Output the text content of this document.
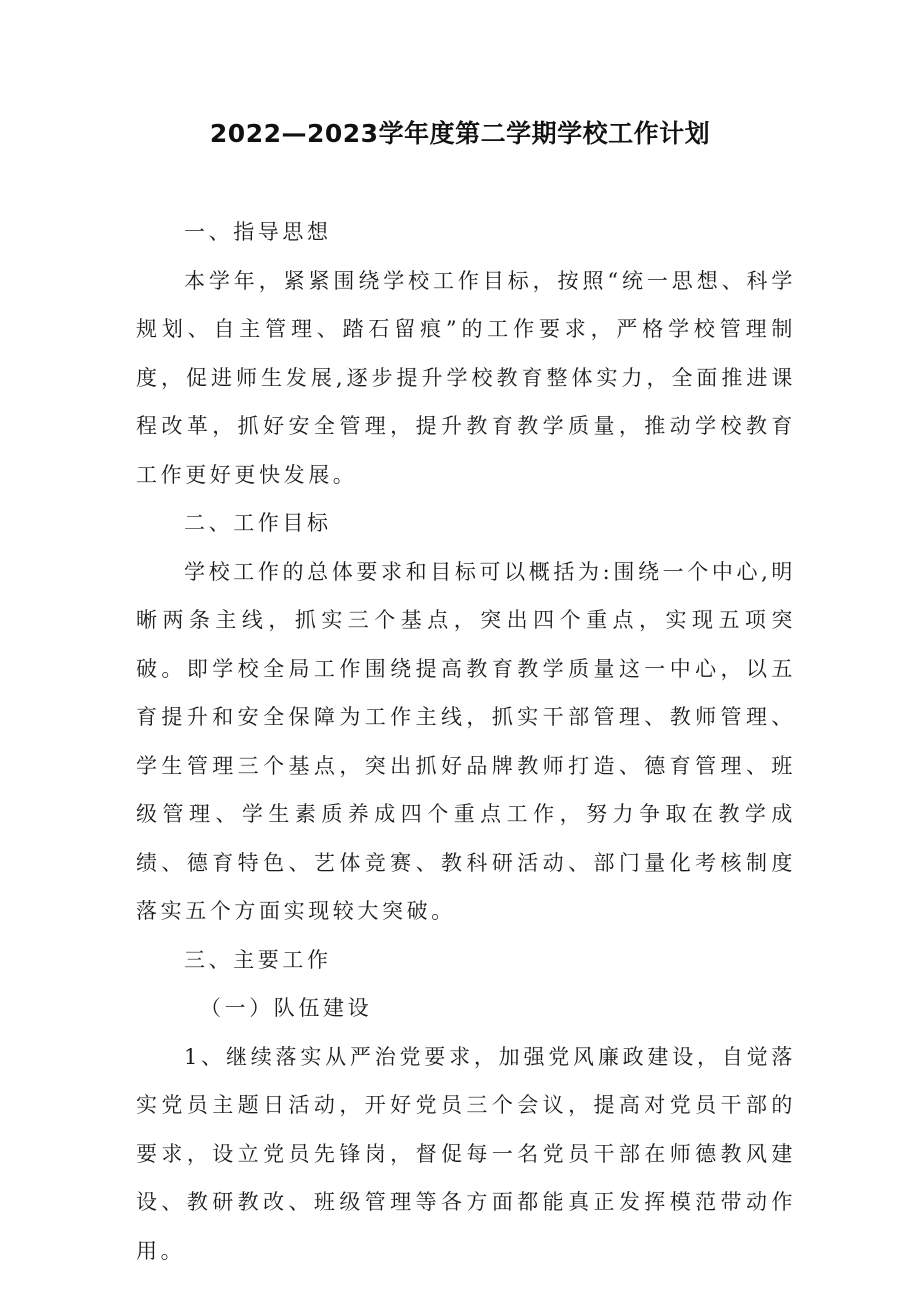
2022—2023学年度第二学期学校工作计划

一、指导思想

本学年，紧紧围绕学校工作目标，按照“统一思想、科学规划、自主管理、踏石留痕”的工作要求，严格学校管理制度，促进师生发展,逐步提升学校教育整体实力，全面推进课程改革，抓好安全管理，提升教育教学质量，推动学校教育工作更好更快发展。

二、工作目标

学校工作的总体要求和目标可以概括为:围绕一个中心,明晰两条主线，抓实三个基点，突出四个重点，实现五项突破。即学校全局工作围绕提高教育教学质量这一中心，以五育提升和安全保障为工作主线，抓实干部管理、教师管理、学生管理三个基点，突出抓好品牌教师打造、德育管理、班级管理、学生素质养成四个重点工作，努力争取在教学成绩、德育特色、艺体竞赛、教科研活动、部门量化考核制度落实五个方面实现较大突破。

三、主要工作

（一）队伍建设

1、继续落实从严治党要求，加强党风廉政建设，自觉落实党员主题日活动，开好党员三个会议，提高对党员干部的要求，设立党员先锋岗，督促每一名党员干部在师德教风建设、教研教改、班级管理等各方面都能真正发挥模范带动作用。
